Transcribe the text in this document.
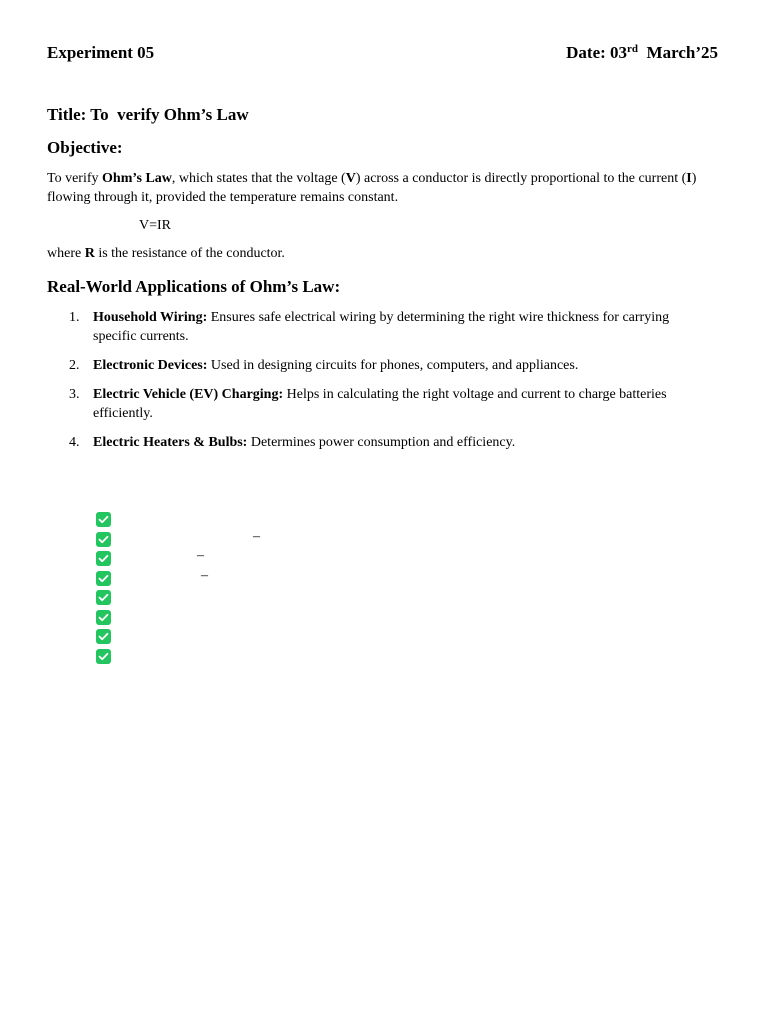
Experiment 05	Date: 03rd  March’25
Title: To  verify Ohm’s Law
Objective:
To verify Ohm’s Law, which states that the voltage (V) across a conductor is directly proportional to the current (I) flowing through it, provided the temperature remains constant.
V=IR
where R is the resistance of the conductor.
Real-World Applications of Ohm’s Law:
1. Household Wiring: Ensures safe electrical wiring by determining the right wire thickness for carrying specific currents.
2. Electronic Devices: Used in designing circuits for phones, computers, and appliances.
3. Electric Vehicle (EV) Charging: Helps in calculating the right voltage and current to charge batteries efficiently.
4. Electric Heaters & Bulbs: Determines power consumption and efficiency.
–
–
–
